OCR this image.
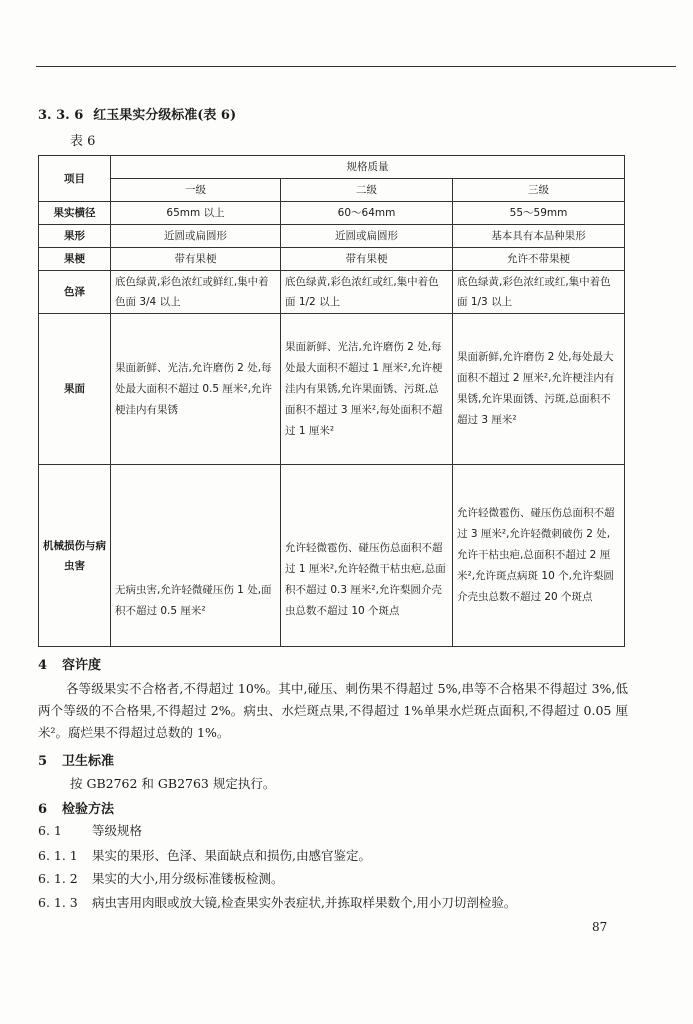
3. 3. 6 红玉果实分级标准(表 6)
表 6
项目	规格质量		
	一级	二级	三级
果实横径	65mm 以上	60～64mm	55～59mm
果形	近圆或扁圆形	近圆或扁圆形	基本具有本品种果形
果梗	带有果梗	带有果梗	允许不带果梗
色泽	底色绿黄,彩色浓红或鲜红,集中着色面 3/4 以上	底色绿黄,彩色浓红或红,集中着色面 1/2 以上	底色绿黄,彩色浓红或红,集中着色面 1/3 以上
果面	果面新鲜、光洁,允许磨伤 2 处,每处最大面积不超过 0.5 厘米²,允许梗洼内有果锈	果面新鲜、光洁,允许磨伤 2 处,每处最大面积不超过 1 厘米²,允许梗洼内有果锈,允许果面锈、污斑,总面积不超过 3 厘米²,每处面积不超过 1 厘米²	果面新鲜,允许磨伤 2 处,每处最大面积不超过 2 厘米²,允许梗洼内有果锈,允许果面锈、污斑,总面积不超过 3 厘米²
机械损伤与病虫害	无病虫害,允许轻微碰压伤 1 处,面积不超过 0.5 厘米²	允许轻微雹伤、碰压伤总面积不超过 1 厘米²,允许轻微干枯虫疤,总面积不超过 0.3 厘米²,允许梨圆介壳虫总数不超过 10 个斑点	允许轻微雹伤、碰压伤总面积不超过 3 厘米²,允许轻微刺破伤 2 处,允许干枯虫疤,总面积不超过 2 厘米²,允许斑点病斑 10 个,允许梨圆介壳虫总数不超过 20 个斑点
4 容许度
各等级果实不合格者,不得超过 10%。其中,碰压、刺伤果不得超过 5%,串等不合格果不得超过 3%,低两个等级的不合格果,不得超过 2%。病虫、水烂斑点果,不得超过 1%单果水烂斑点面积,不得超过 0.05 厘米²。腐烂果不得超过总数的 1%。
5 卫生标准
按 GB2762 和 GB2763 规定执行。
6 检验方法
6. 1 等级规格
6. 1. 1 果实的果形、色泽、果面缺点和损伤,由感官鉴定。
6. 1. 2 果实的大小,用分级标准镂板检测。
6. 1. 3 病虫害用肉眼或放大镜,检查果实外表症状,并拣取样果数个,用小刀切剖检验。
87
